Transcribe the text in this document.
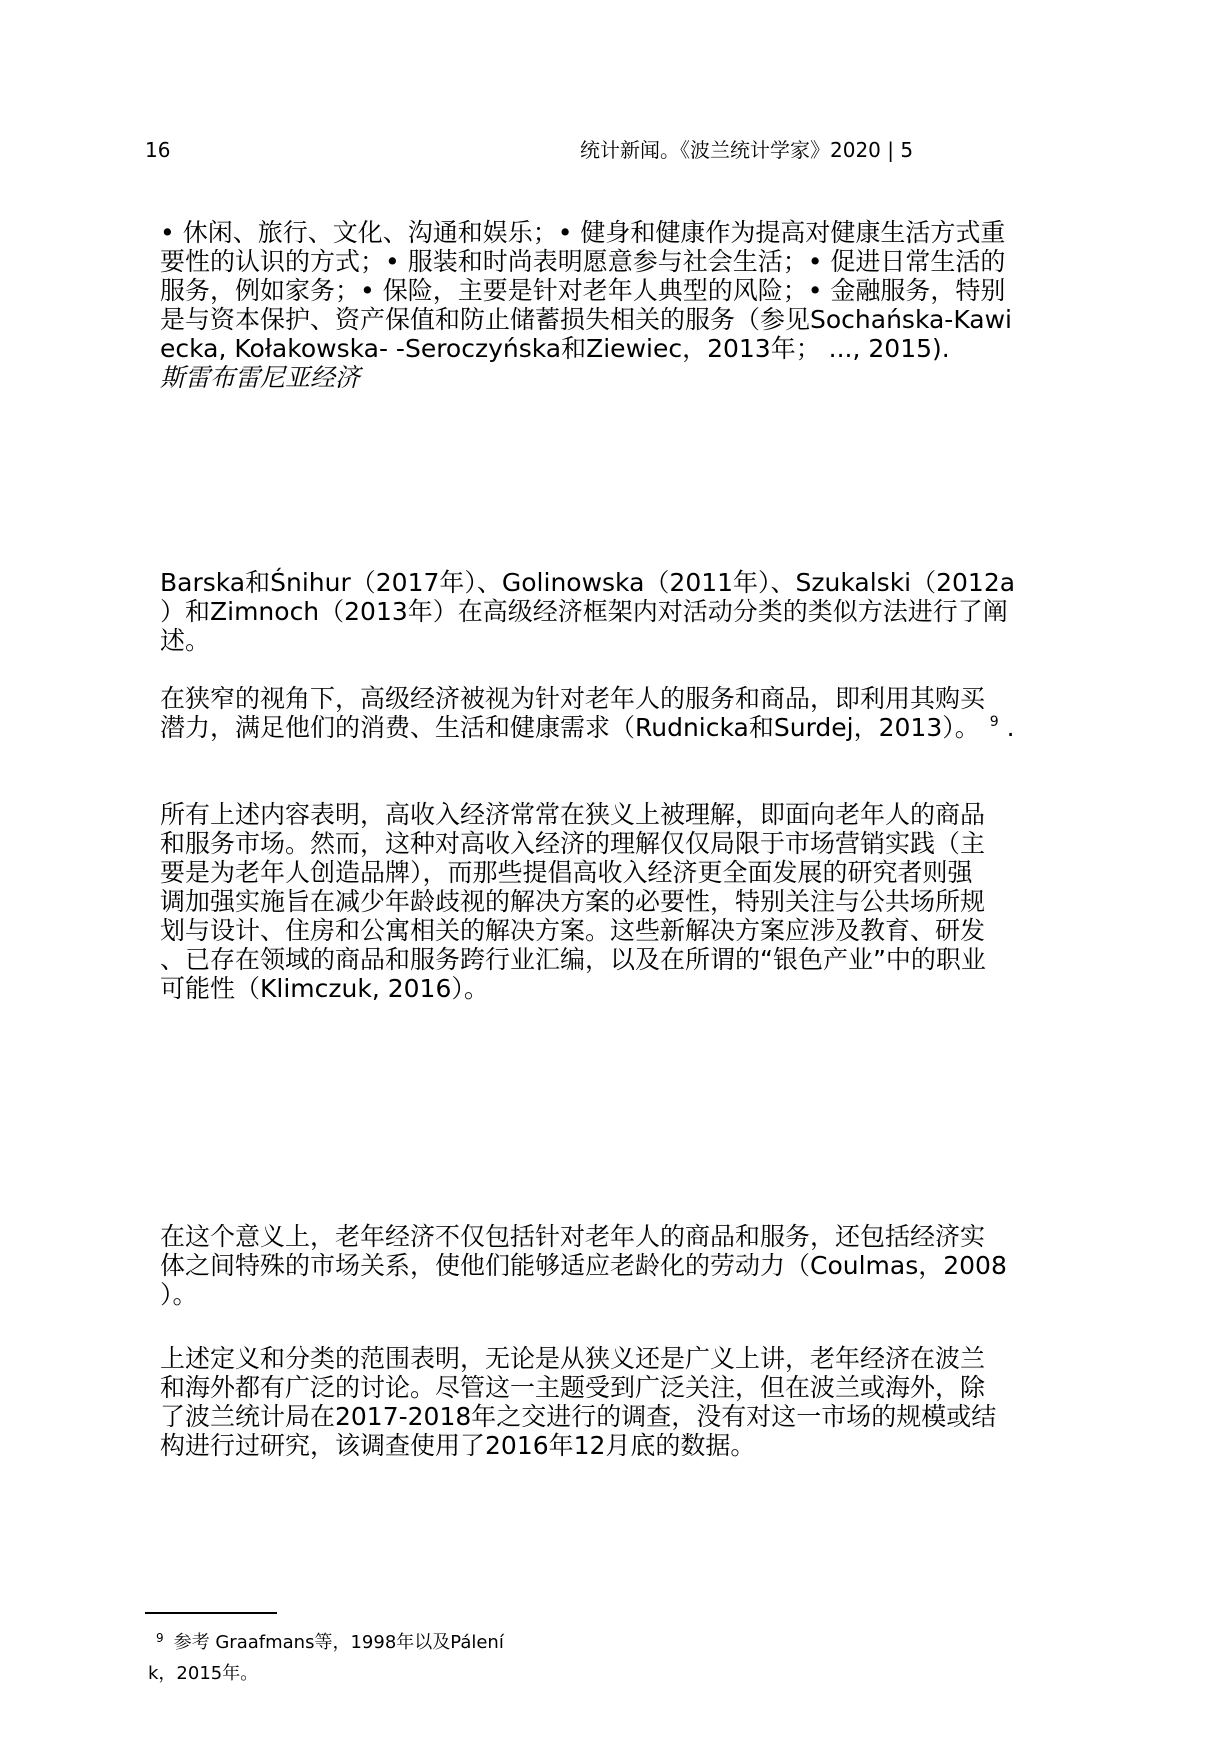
16	统计新闻。《波兰统计学家》2020 | 5
• 休闲、旅行、文化、沟通和娱乐；• 健身和健康作为提高对健康生活方式重
要性的认识的方式；• 服装和时尚表明愿意参与社会生活；• 促进日常生活的
服务，例如家务；• 保险，主要是针对老年人典型的风险；• 金融服务，特别
是与资本保护、资产保值和防止储蓄损失相关的服务（参见Sochańska-Kawi
ecka, Kołakowska- -Seroczyńska和Ziewiec，2013年； ..., 2015).
斯雷布雷尼亚经济
Barska和Śnihur（2017年）、Golinowska（2011年）、Szukalski（2012a
）和Zimnoch（2013年）在高级经济框架内对活动分类的类似方法进行了阐
述。
在狭窄的视角下，高级经济被视为针对老年人的服务和商品，即利用其购买
潜力，满足他们的消费、生活和健康需求（Rudnicka和Surdej，2013）。 $^9$ .
所有上述内容表明，高收入经济常常在狭义上被理解，即面向老年人的商品
和服务市场。然而，这种对高收入经济的理解仅仅局限于市场营销实践（主
要是为老年人创造品牌），而那些提倡高收入经济更全面发展的研究者则强
调加强实施旨在减少年龄歧视的解决方案的必要性，特别关注与公共场所规
划与设计、住房和公寓相关的解决方案。这些新解决方案应涉及教育、研发
、已存在领域的商品和服务跨行业汇编，以及在所谓的“银色产业”中的职业
可能性（Klimczuk, 2016）。
在这个意义上，老年经济不仅包括针对老年人的商品和服务，还包括经济实
体之间特殊的市场关系，使他们能够适应老龄化的劳动力（Coulmas，2008
）。
上述定义和分类的范围表明，无论是从狭义还是广义上讲，老年经济在波兰
和海外都有广泛的讨论。尽管这一主题受到广泛关注，但在波兰或海外，除
了波兰统计局在2017-2018年之交进行的调查，没有对这一市场的规模或结
构进行过研究，该调查使用了2016年12月底的数据。
$^9$ 参考 Graafmans等，1998年以及Pálení
k，2015年。
